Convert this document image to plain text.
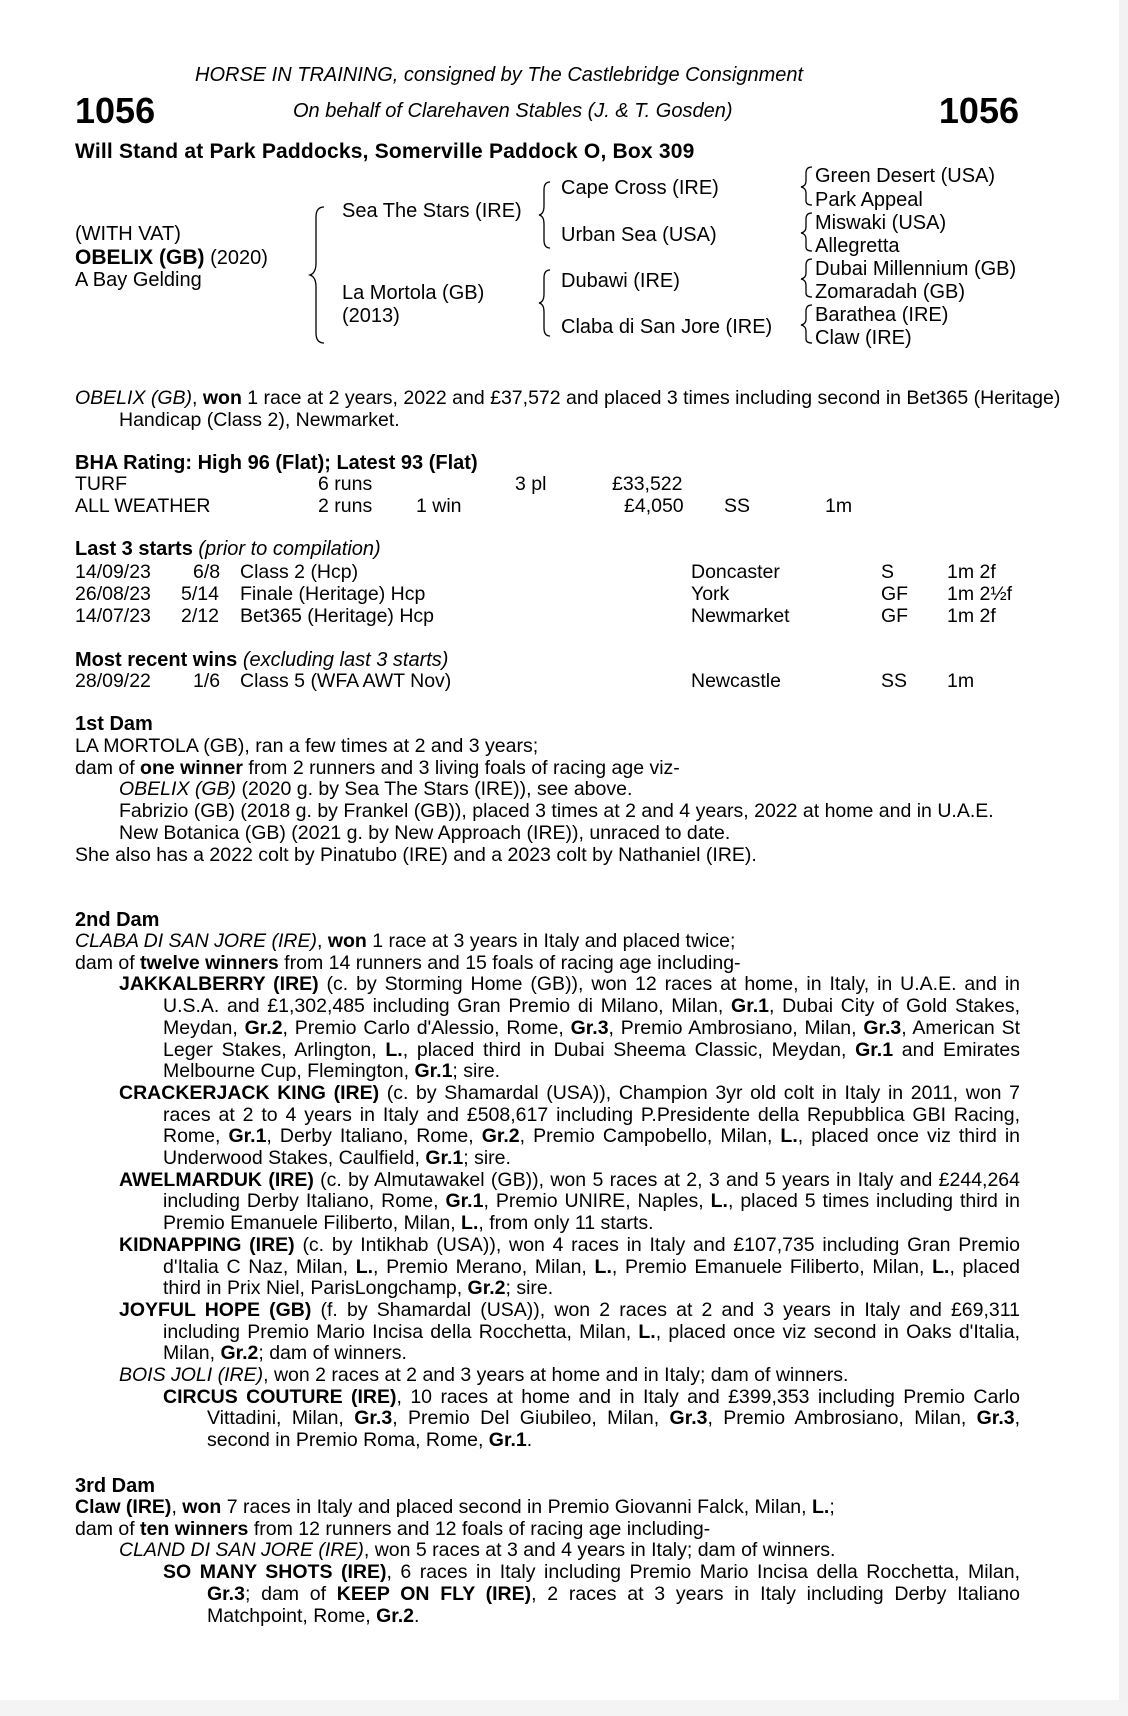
1056	1056
HORSE IN TRAINING, consigned by The Castlebridge Consignment
On behalf of Clarehaven Stables (J. & T. Gosden)
Will Stand at Park Paddocks, Somerville Paddock O, Box 309
(WITH VAT)
OBELIX (GB) (2020)
A Bay Gelding
Sea The Stars (IRE)
La Mortola (GB)
(2013)
Cape Cross (IRE)
Urban Sea (USA)
Dubawi (IRE)
Claba di San Jore (IRE)
Green Desert (USA)
Park Appeal
Miswaki (USA)
Allegretta
Dubai Millennium (GB)
Zomaradah (GB)
Barathea (IRE)
Claw (IRE)
OBELIX (GB), won 1 race at 2 years, 2022 and £37,572 and placed 3 times including second in Bet365 (Heritage) Handicap (Class 2), Newmarket.
BHA Rating: High 96 (Flat); Latest 93 (Flat)
TURF	6 runs	3 pl	£33,522
ALL WEATHER	2 runs 1 win	£4,050 SS	1m
Last 3 starts (prior to compilation)
14/09/23 6/8 Class 2 (Hcp)	Doncaster	S	1m 2f
26/08/23 5/14 Finale (Heritage) Hcp	York	GF 1m 2½f
14/07/23 2/12 Bet365 (Heritage) Hcp	Newmarket	GF 1m 2f
Most recent wins (excluding last 3 starts)
28/09/22 1/6 Class 5 (WFA AWT Nov)	Newcastle	SS 1m
1st Dam

LA MORTOLA (GB), ran a few times at 2 and 3 years;

dam of one winner from 2 runners and 3 living foals of racing age viz-

OBELIX (GB) (2020 g. by Sea The Stars (IRE)), see above.

Fabrizio (GB) (2018 g. by Frankel (GB)), placed 3 times at 2 and 4 years, 2022 at home and in U.A.E.

New Botanica (GB) (2021 g. by New Approach (IRE)), unraced to date.

She also has a 2022 colt by Pinatubo (IRE) and a 2023 colt by Nathaniel (IRE).

2nd Dam

CLABA DI SAN JORE (IRE), won 1 race at 3 years in Italy and placed twice;

dam of twelve winners from 14 runners and 15 foals of racing age including-

JAKKALBERRY (IRE) (c. by Storming Home (GB)), won 12 races at home, in Italy, in U.A.E. and in U.S.A. and £1,302,485 including Gran Premio di Milano, Milan, Gr.1, Dubai City of Gold Stakes, Meydan, Gr.2, Premio Carlo d'Alessio, Rome, Gr.3, Premio Ambrosiano, Milan, Gr.3, American St Leger Stakes, Arlington, L., placed third in Dubai Sheema Classic, Meydan, Gr.1 and Emirates Melbourne Cup, Flemington, Gr.1; sire.

CRACKERJACK KING (IRE) (c. by Shamardal (USA)), Champion 3yr old colt in Italy in 2011, won 7 races at 2 to 4 years in Italy and £508,617 including P.Presidente della Repubblica GBI Racing, Rome, Gr.1, Derby Italiano, Rome, Gr.2, Premio Campobello, Milan, L., placed once viz third in Underwood Stakes, Caulfield, Gr.1; sire.

AWELMARDUK (IRE) (c. by Almutawakel (GB)), won 5 races at 2, 3 and 5 years in Italy and £244,264 including Derby Italiano, Rome, Gr.1, Premio UNIRE, Naples, L., placed 5 times including third in Premio Emanuele Filiberto, Milan, L., from only 11 starts.

KIDNAPPING (IRE) (c. by Intikhab (USA)), won 4 races in Italy and £107,735 including Gran Premio d'Italia C Naz, Milan, L., Premio Merano, Milan, L., Premio Emanuele Filiberto, Milan, L., placed third in Prix Niel, ParisLongchamp, Gr.2; sire.

JOYFUL HOPE (GB) (f. by Shamardal (USA)), won 2 races at 2 and 3 years in Italy and £69,311 including Premio Mario Incisa della Rocchetta, Milan, L., placed once viz second in Oaks d'Italia, Milan, Gr.2; dam of winners.

BOIS JOLI (IRE), won 2 races at 2 and 3 years at home and in Italy; dam of winners.

CIRCUS COUTURE (IRE), 10 races at home and in Italy and £399,353 including Premio Carlo Vittadini, Milan, Gr.3, Premio Del Giubileo, Milan, Gr.3, Premio Ambrosiano, Milan, Gr.3, second in Premio Roma, Rome, Gr.1.

3rd Dam

Claw (IRE), won 7 races in Italy and placed second in Premio Giovanni Falck, Milan, L.;

dam of ten winners from 12 runners and 12 foals of racing age including-

CLAND DI SAN JORE (IRE), won 5 races at 3 and 4 years in Italy; dam of winners.

SO MANY SHOTS (IRE), 6 races in Italy including Premio Mario Incisa della Rocchetta, Milan, Gr.3; dam of KEEP ON FLY (IRE), 2 races at 3 years in Italy including Derby Italiano Matchpoint, Rome, Gr.2.
